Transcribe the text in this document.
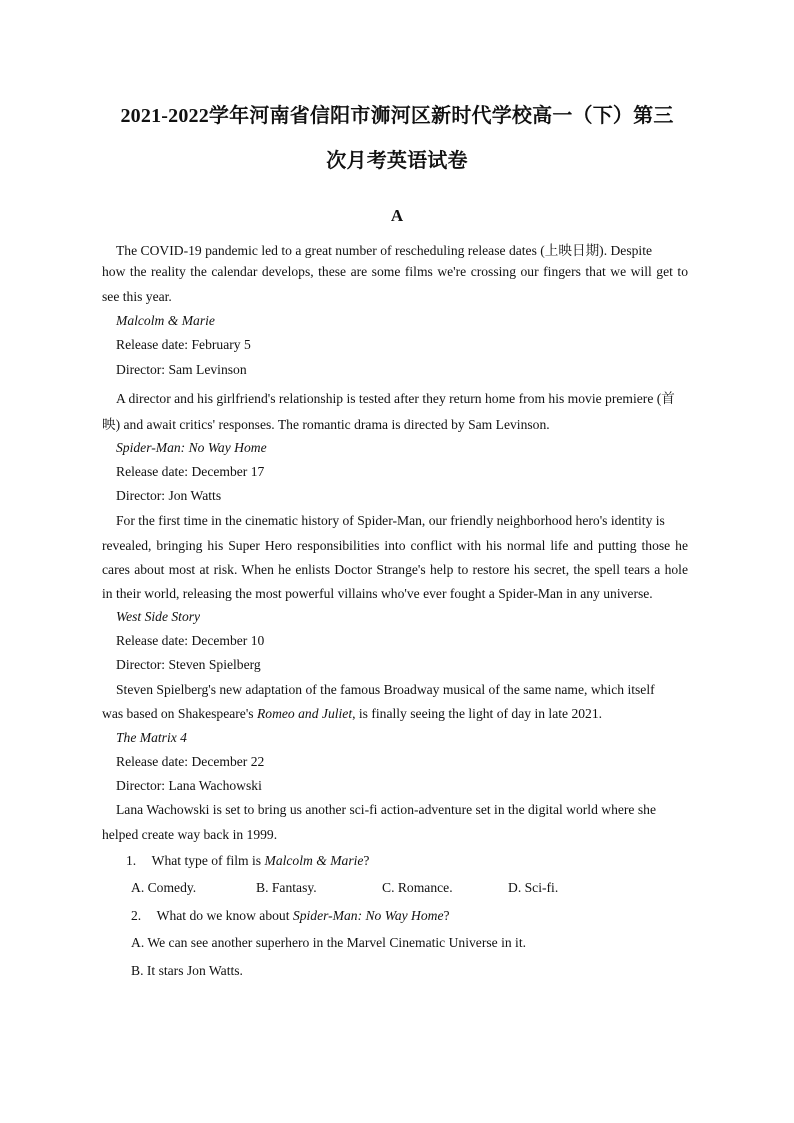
2021-2022学年河南省信阳市浉河区新时代学校高一（下）第三
次月考英语试卷
A
The COVID-19 pandemic led to a great number of rescheduling release dates (上映日期). Despite
how the reality the calendar develops, these are some films we're crossing our fingers that we will get to
see this year.
Malcolm & Marie
Release date: February 5
Director: Sam Levinson
A director and his girlfriend's relationship is tested after they return home from his movie premiere (首
映) and await critics' responses. The romantic drama is directed by Sam Levinson.
Spider-Man: No Way Home
Release date: December 17
Director: Jon Watts
For the first time in the cinematic history of Spider-Man, our friendly neighborhood hero's identity is
revealed, bringing his Super Hero responsibilities into conflict with his normal life and putting those he
cares about most at risk. When he enlists Doctor Strange's help to restore his secret, the spell tears a hole
in their world, releasing the most powerful villains who've ever fought a Spider-Man in any universe.
West Side Story
Release date: December 10
Director: Steven Spielberg
Steven Spielberg's new adaptation of the famous Broadway musical of the same name, which itself
was based on Shakespeare's Romeo and Juliet, is finally seeing the light of day in late 2021.
The Matrix 4
Release date: December 22
Director: Lana Wachowski
Lana Wachowski is set to bring us another sci-fi action-adventure set in the digital world where she
helped create way back in 1999.
1. What type of film is Malcolm & Marie?
A. Comedy.	B. Fantasy.	C. Romance.	D. Sci-fi.
2. What do we know about Spider-Man: No Way Home?
A. We can see another superhero in the Marvel Cinematic Universe in it.
B. It stars Jon Watts.
